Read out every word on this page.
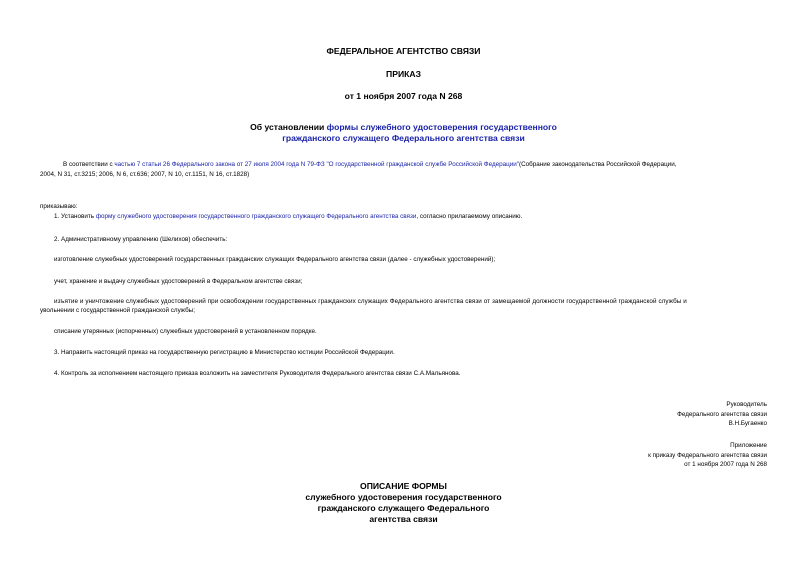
ФЕДЕРАЛЬНОЕ АГЕНТСТВО СВЯЗИ
ПРИКАЗ
от 1 ноября 2007 года N 268
Об установлении формы служебного удостоверения государственного
гражданского служащего Федерального агентства связи
В соответствии с частью 7 статьи 26 Федерального закона от 27 июля 2004 года N 79-ФЗ "О государственной гражданской службе Российской Федерации"(Собрание законодательства Российской Федерации,
2004, N 31, ст.3215; 2006, N 6, ст.636; 2007, N 10, ст.1151, N 16, ст.1828)
приказываю:
1. Установить форму служебного удостоверения государственного гражданского служащего Федерального агентства связи, согласно прилагаемому описанию.
2. Административному управлению (Шелихов) обеспечить:
изготовление служебных удостоверений государственных гражданских служащих Федерального агентства связи (далее - служебных удостоверений);
учет, хранение и выдачу служебных удостоверений в Федеральном агентстве связи;
изъятие и уничтожение служебных удостоверений при освобождении государственных гражданских служащих Федерального агентства связи от замещаемой должности государственной гражданской службы и
увольнении с государственной гражданской службы;
списание утерянных (испорченных) служебных удостоверений в установленном порядке.
3. Направить настоящий приказ на государственную регистрацию в Министерство юстиции Российской Федерации.
4. Контроль за исполнением настоящего приказа возложить на заместителя Руководителя Федерального агентства связи С.А.Мальянова.
Руководитель
Федерального агентства связи
В.Н.Бугаенко
Приложение
к приказу Федерального агентства связи
от 1 ноября 2007 года N 268
ОПИСАНИЕ ФОРМЫ
служебного удостоверения государственного
гражданского служащего Федерального
агентства связи
